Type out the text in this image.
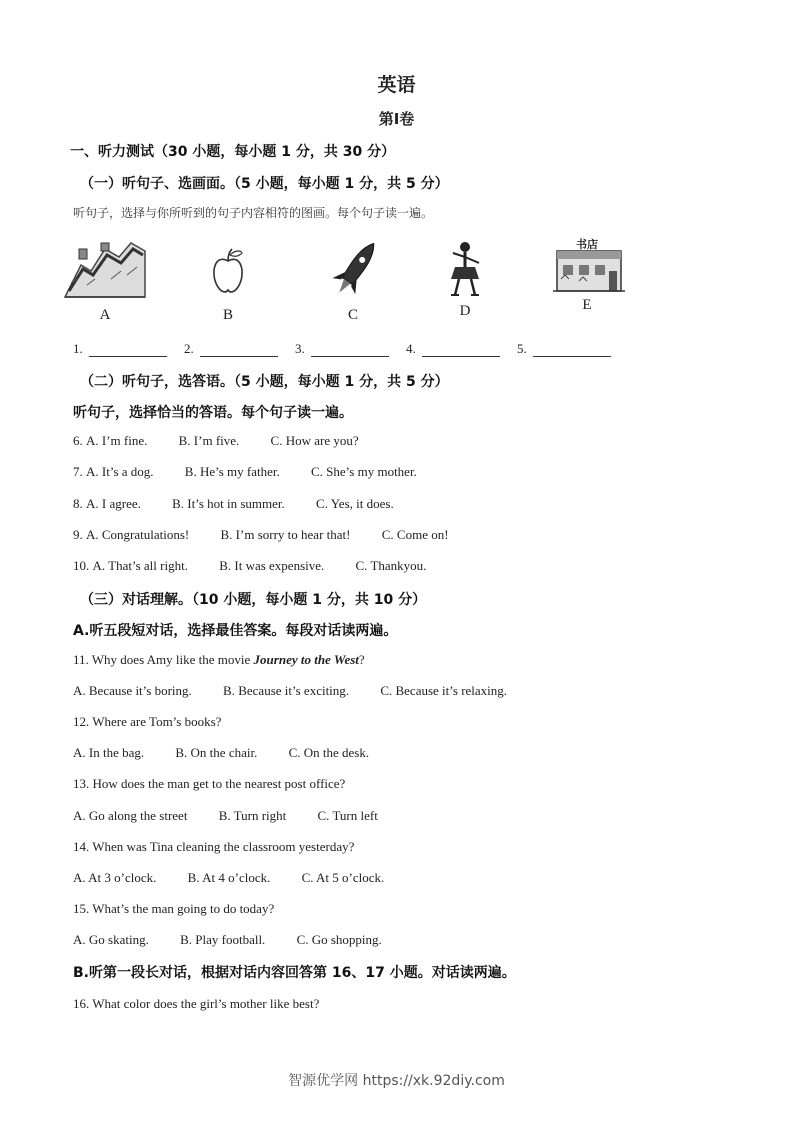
英语
第Ⅰ卷
一、听力测试（30 小题，每小题 1 分，共 30 分）
（一）听句子、选画面。（5 小题，每小题 1 分，共 5 分）
听句子，选择与你所听到的句子内容相符的图画。每个句子读一遍。
A	B	C	D
书店
E
1.	2.	3.	4.	5.
（二）听句子，选答语。（5 小题，每小题 1 分，共 5 分）
听句子，选择恰当的答语。每个句子读一遍。
6. A. I’m fine. B. I’m five. C. How are you?
7. A. It’s a dog. B. He’s my father. C. She’s my mother.
8. A. I agree. B. It’s hot in summer. C. Yes, it does.
9. A. Congratulations! B. I’m sorry to hear that! C. Come on!
10. A. That’s all right. B. It was expensive. C. Thankyou.
（三）对话理解。（10 小题，每小题 1 分，共 10 分）
A.听五段短对话，选择最佳答案。每段对话读两遍。
11. Why does Amy like the movie Journey to the West?
A. Because it’s boring. B. Because it’s exciting. C. Because it’s relaxing.
12. Where are Tom’s books?
A. In the bag. B. On the chair. C. On the desk.
13. How does the man get to the nearest post office?
A. Go along the street B. Turn right C. Turn left
14. When was Tina cleaning the classroom yesterday?
A. At 3 o’clock. B. At 4 o’clock. C. At 5 o’clock.
15. What’s the man going to do today?
A. Go skating. B. Play football. C. Go shopping.
B.听第一段长对话，根据对话内容回答第 16、17 小题。对话读两遍。
16. What color does the girl’s mother like best?
智源优学网 https://xk.92diy.com
